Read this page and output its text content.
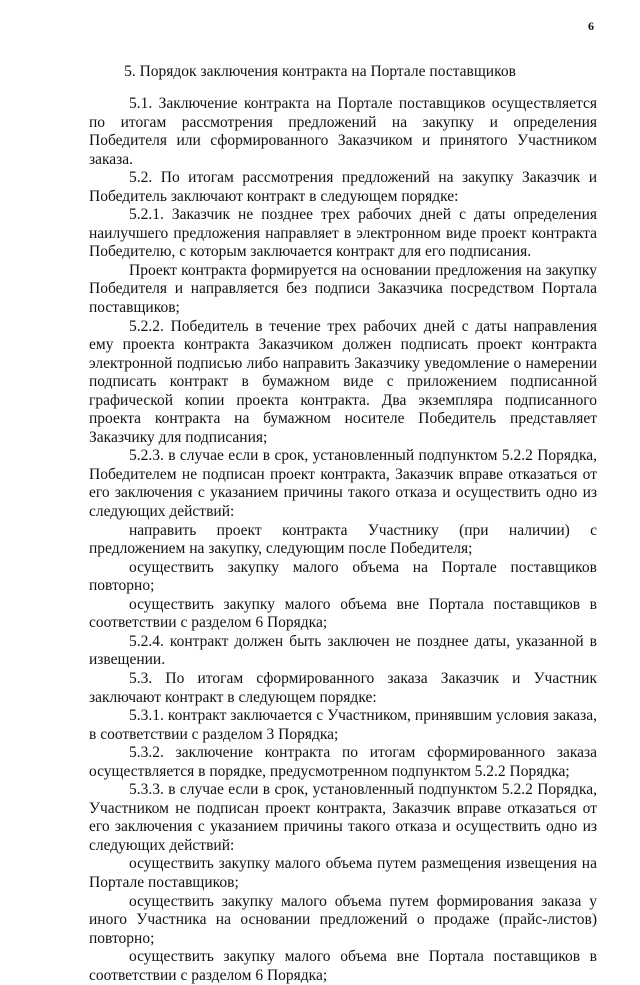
6
5. Порядок заключения контракта на Портале поставщиков

5.1. Заключение контракта на Портале поставщиков осуществляется по итогам рассмотрения предложений на закупку и определения Победителя или сформированного Заказчиком и принятого Участником заказа.

5.2. По итогам рассмотрения предложений на закупку Заказчик и Победитель заключают контракт в следующем порядке:

5.2.1. Заказчик не позднее трех рабочих дней с даты определения наилучшего предложения направляет в электронном виде проект контракта Победителю, с которым заключается контракт для его подписания.

Проект контракта формируется на основании предложения на закупку Победителя и направляется без подписи Заказчика посредством Портала поставщиков;

5.2.2. Победитель в течение трех рабочих дней с даты направления ему проекта контракта Заказчиком должен подписать проект контракта электронной подписью либо направить Заказчику уведомление о намерении подписать контракт в бумажном виде с приложением подписанной графической копии проекта контракта. Два экземпляра подписанного проекта контракта на бумажном носителе Победитель представляет Заказчику для подписания;

5.2.3. в случае если в срок, установленный подпунктом 5.2.2 Порядка, Победителем не подписан проект контракта, Заказчик вправе отказаться от его заключения с указанием причины такого отказа и осуществить одно из следующих действий:

направить проект контракта Участнику (при наличии) с предложением на закупку, следующим после Победителя;

осуществить закупку малого объема на Портале поставщиков повторно;

осуществить закупку малого объема вне Портала поставщиков в соответствии с разделом 6 Порядка;

5.2.4. контракт должен быть заключен не позднее даты, указанной в извещении.

5.3. По итогам сформированного заказа Заказчик и Участник заключают контракт в следующем порядке:

5.3.1. контракт заключается с Участником, принявшим условия заказа, в соответствии с разделом 3 Порядка;

5.3.2. заключение контракта по итогам сформированного заказа осуществляется в порядке, предусмотренном подпунктом 5.2.2 Порядка;

5.3.3. в случае если в срок, установленный подпунктом 5.2.2 Порядка, Участником не подписан проект контракта, Заказчик вправе отказаться от его заключения с указанием причины такого отказа и осуществить одно из следующих действий:

осуществить закупку малого объема путем размещения извещения на Портале поставщиков;

осуществить закупку малого объема путем формирования заказа у иного Участника на основании предложений о продаже (прайс-листов) повторно;

осуществить закупку малого объема вне Портала поставщиков в соответствии с разделом 6 Порядка;
